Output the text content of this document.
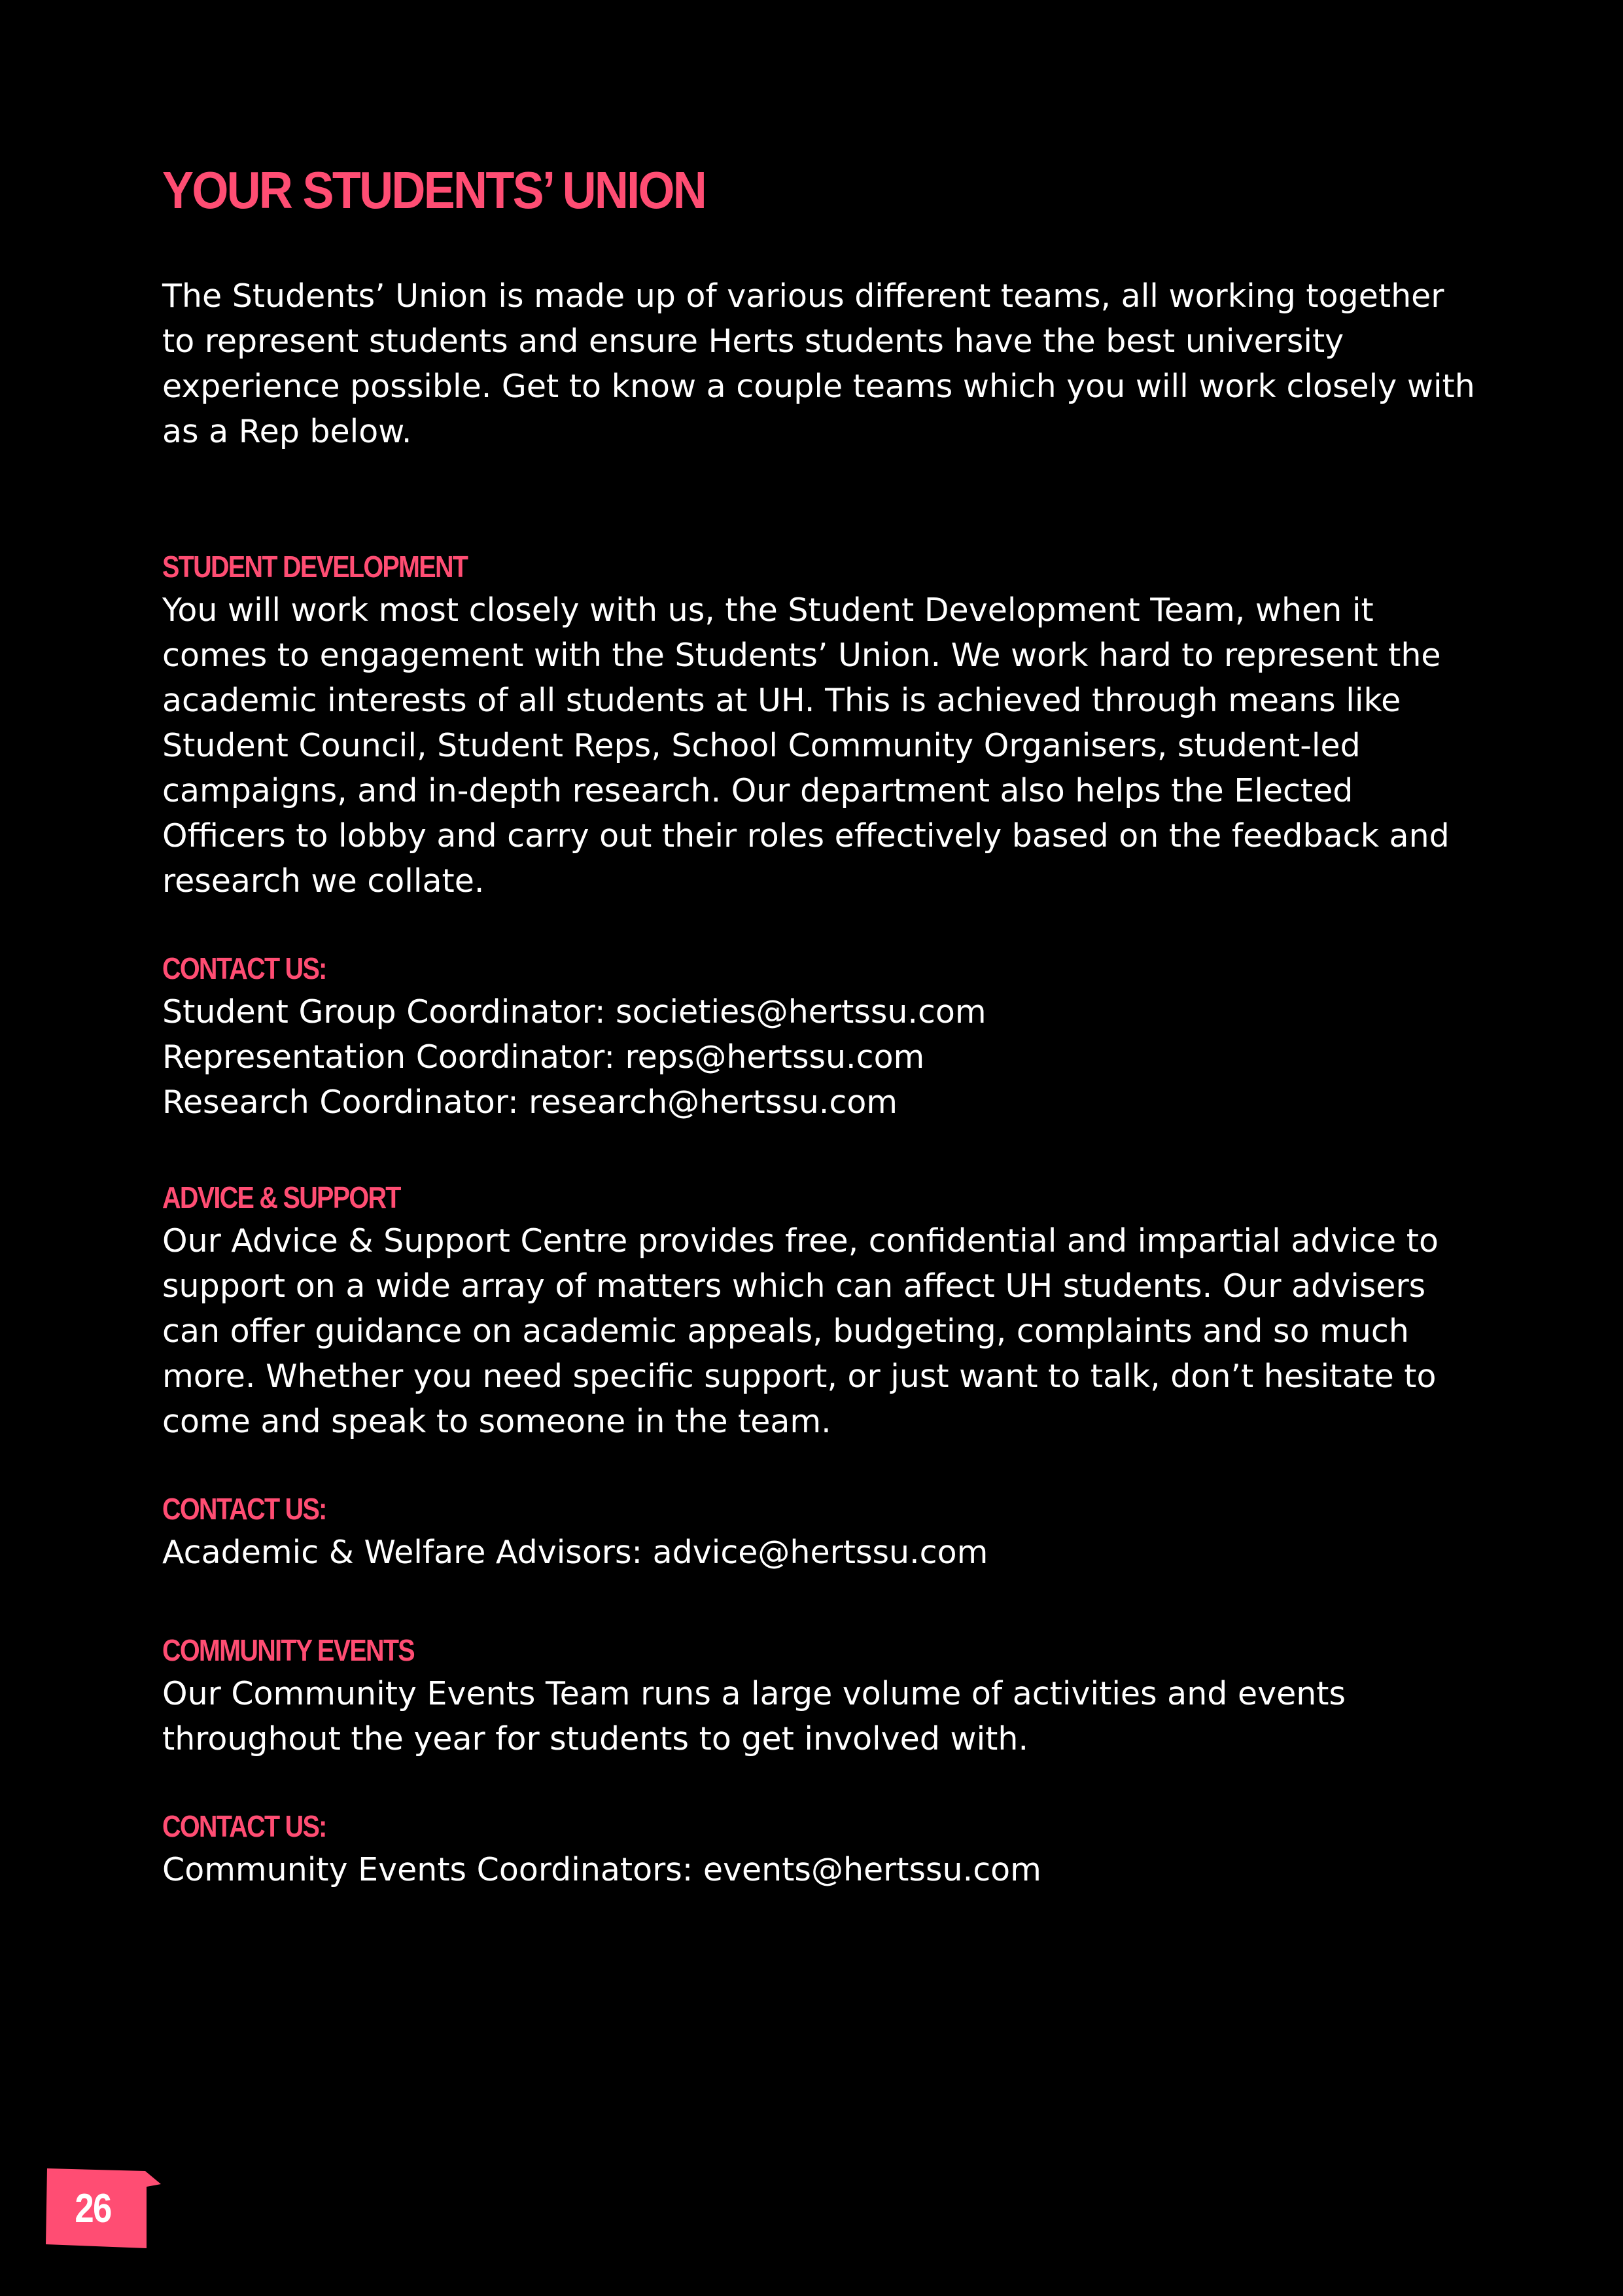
YOUR STUDENTS’ UNION

The Students’ Union is made up of various different teams, all working together to represent students and ensure Herts students have the best university experience possible. Get to know a couple teams which you will work closely with as a Rep below.

STUDENT DEVELOPMENT

You will work most closely with us, the Student Development Team, when it comes to engagement with the Students’ Union. We work hard to represent the academic interests of all students at UH. This is achieved through means like Student Council, Student Reps, School Community Organisers, student-led campaigns, and in-depth research. Our department also helps the Elected Officers to lobby and carry out their roles effectively based on the feedback and research we collate.

CONTACT US:

Student Group Coordinator: societies@hertssu.com

Representation Coordinator: reps@hertssu.com

Research Coordinator: research@hertssu.com

ADVICE & SUPPORT

Our Advice & Support Centre provides free, confidential and impartial advice to support on a wide array of matters which can affect UH students. Our advisers can offer guidance on academic appeals, budgeting, complaints and so much more. Whether you need specific support, or just want to talk, don’t hesitate to come and speak to someone in the team.

CONTACT US:

Academic & Welfare Advisors: advice@hertssu.com

COMMUNITY EVENTS

Our Community Events Team runs a large volume of activities and events throughout the year for students to get involved with.

CONTACT US:

Community Events Coordinators: events@hertssu.com

26
